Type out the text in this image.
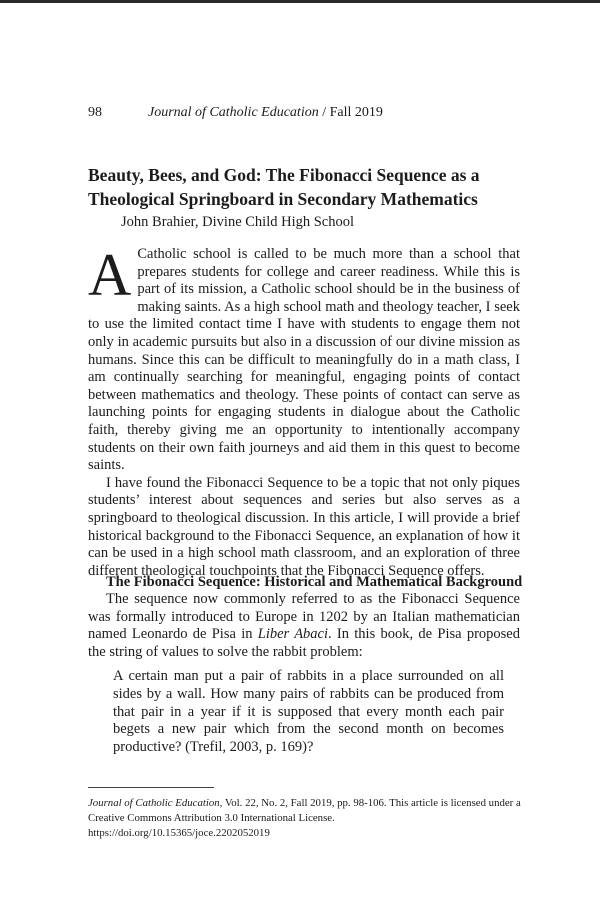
98	Journal of Catholic Education / Fall 2019
Beauty, Bees, and God: The Fibonacci Sequence as a Theological Springboard in Secondary Mathematics
John Brahier, Divine Child High School

A Catholic school is called to be much more than a school that prepares students for college and career readiness. While this is part of its mission, a Catholic school should be in the business of making saints. As a high school math and theology teacher, I seek to use the limited contact time I have with students to engage them not only in academic pursuits but also in a discussion of our divine mission as humans. Since this can be difficult to meaningfully do in a math class, I am continually searching for meaningful, engaging points of contact between mathematics and theology. These points of contact can serve as launching points for engaging students in dialogue about the Catholic faith, thereby giving me an opportunity to intentionally accompany students on their own faith journeys and aid them in this quest to become saints.

I have found the Fibonacci Sequence to be a topic that not only piques students’ interest about sequences and series but also serves as a springboard to theological discussion. In this article, I will provide a brief historical background to the Fibonacci Sequence, an explanation of how it can be used in a high school math classroom, and an exploration of three different theological touchpoints that the Fibonacci Sequence offers.

The Fibonacci Sequence: Historical and Mathematical Background

The sequence now commonly referred to as the Fibonacci Sequence was formally introduced to Europe in 1202 by an Italian mathematician named Leonardo de Pisa in Liber Abaci. In this book, de Pisa proposed the string of values to solve the rabbit problem:

A certain man put a pair of rabbits in a place surrounded on all sides by a wall. How many pairs of rabbits can be produced from that pair in a year if it is supposed that every month each pair begets a new pair which from the second month on becomes productive? (Trefil, 2003, p. 169)?

Journal of Catholic Education, Vol. 22, No. 2, Fall 2019, pp. 98-106. This article is licensed under a Creative Commons Attribution 3.0 International License.
https://doi.org/10.15365/joce.2202052019
